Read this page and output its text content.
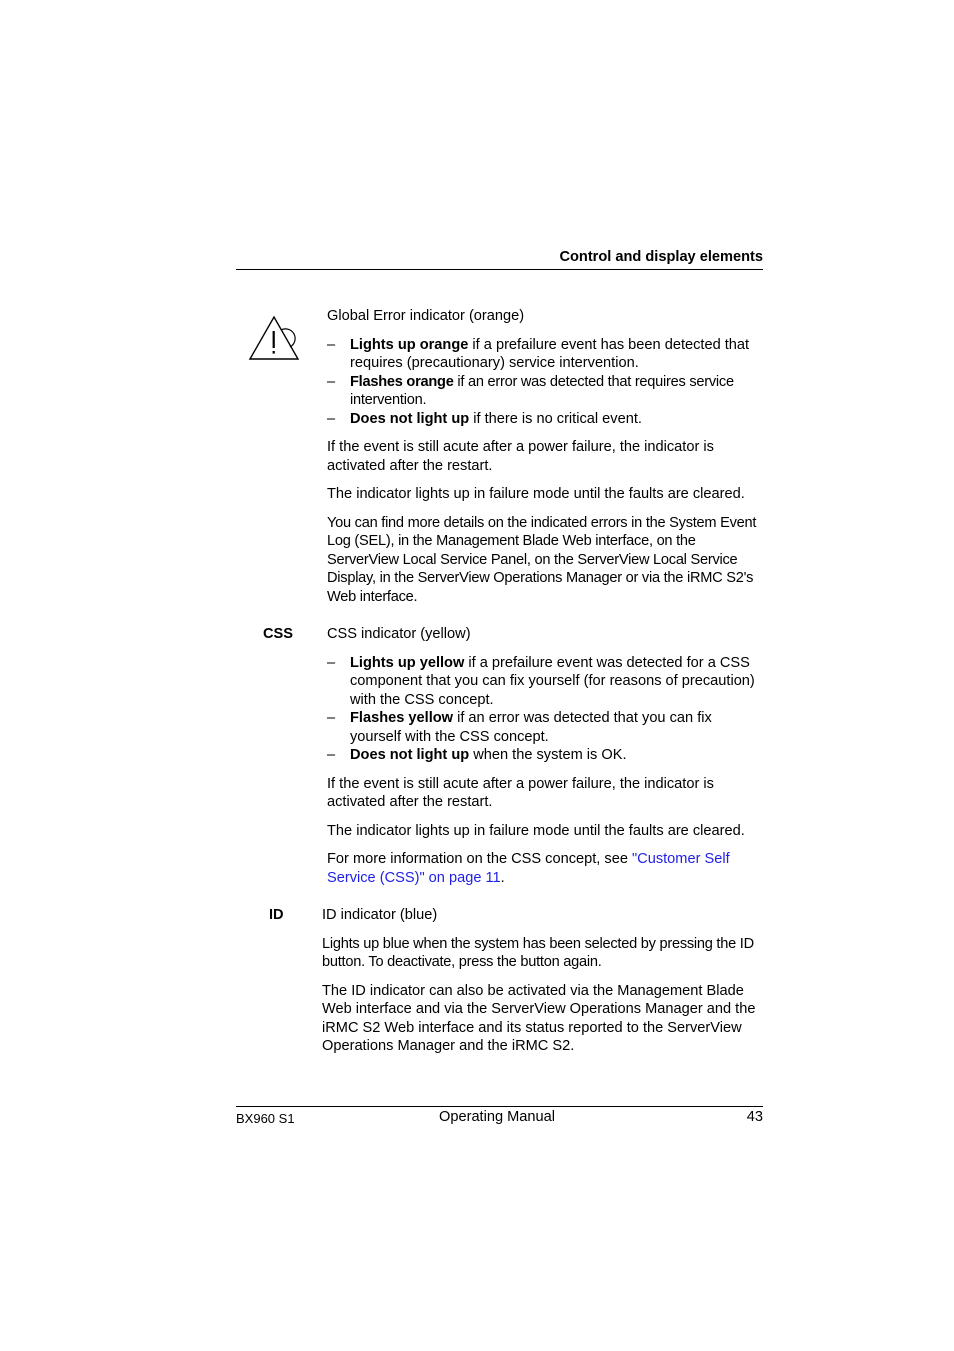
Control and display elements

Global Error indicator (orange)

– Lights up orange if a prefailure event has been detected that requires (precautionary) service intervention.
– Flashes orange if an error was detected that requires service intervention.
– Does not light up if there is no critical event.

If the event is still acute after a power failure, the indicator is activated after the restart.

The indicator lights up in failure mode until the faults are cleared.

You can find more details on the indicated errors in the System Event Log (SEL), in the Management Blade Web interface, on the ServerView Local Service Panel, on the ServerView Local Service Display, in the ServerView Operations Manager or via the iRMC S2's Web interface.

CSS CSS indicator (yellow)

– Lights up yellow if a prefailure event was detected for a CSS component that you can fix yourself (for reasons of precaution) with the CSS concept.
– Flashes yellow if an error was detected that you can fix yourself with the CSS concept.
– Does not light up when the system is OK.

If the event is still acute after a power failure, the indicator is activated after the restart.

The indicator lights up in failure mode until the faults are cleared.

For more information on the CSS concept, see "Customer Self Service (CSS)" on page 11.

ID	ID indicator (blue)

Lights up blue when the system has been selected by pressing the ID button. To deactivate, press the button again.

The ID indicator can also be activated via the Management Blade Web interface and via the ServerView Operations Manager and the iRMC S2 Web interface and its status reported to the ServerView Operations Manager and the iRMC S2.

BX960 S1	Operating Manual	43
